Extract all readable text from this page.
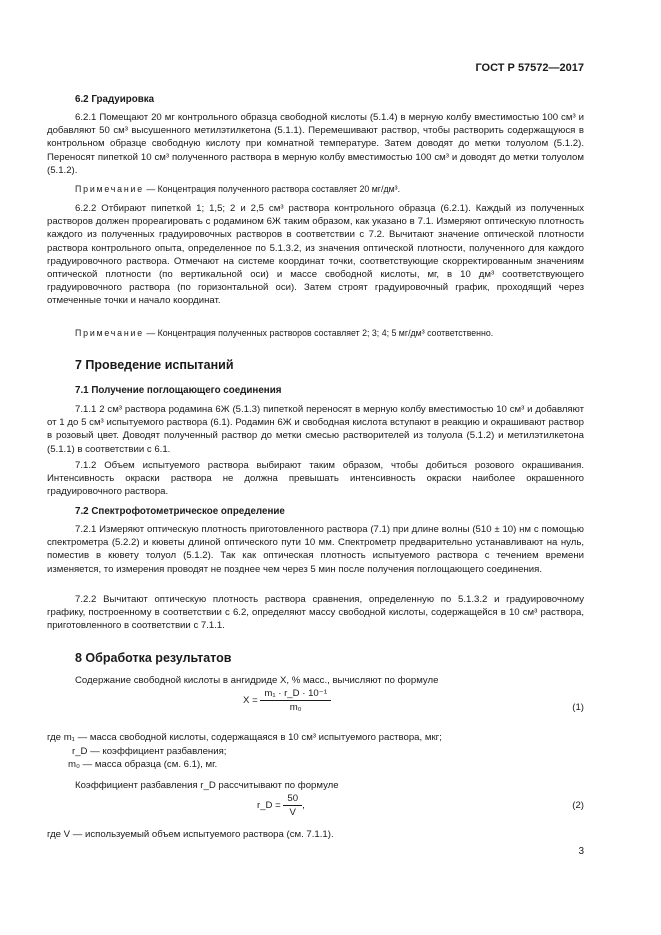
ГОСТ Р 57572—2017
6.2 Градуировка

6.2.1 Помещают 20 мг контрольного образца свободной кислоты (5.1.4) в мерную колбу вместимостью 100 см³ и добавляют 50 см³ высушенного метилэтилкетона (5.1.1). Перемешивают раствор, чтобы растворить содержащуюся в контрольном образце свободную кислоту при комнатной температуре. Затем доводят до метки толуолом (5.1.2). Переносят пипеткой 10 см³ полученного раствора в мерную колбу вместимостью 100 см³ и доводят до метки толуолом (5.1.2).

Примечание — Концентрация полученного раствора составляет 20 мг/дм³.

6.2.2 Отбирают пипеткой 1; 1,5; 2 и 2,5 см³ раствора контрольного образца (6.2.1). Каждый из полученных растворов должен прореагировать с родамином 6Ж таким образом, как указано в 7.1. Измеряют оптическую плотность каждого из полученных градуировочных растворов в соответствии с 7.2. Вычитают значение оптической плотности раствора контрольного опыта, определенное по 5.1.3.2, из значения оптической плотности, полученного для каждого градуировочного раствора. Отмечают на системе координат точки, соответствующие скорректированным значениям оптической плотности (по вертикальной оси) и массе свободной кислоты, мг, в 10 дм³ соответствующего градуировочного раствора (по горизонтальной оси). Затем строят градуировочный график, проходящий через отмеченные точки и начало координат.

Примечание — Концентрация полученных растворов составляет 2; 3; 4; 5 мг/дм³ соответственно.
7 Проведение испытаний
7.1 Получение поглощающего соединения

7.1.1 2 см³ раствора родамина 6Ж (5.1.3) пипеткой переносят в мерную колбу вместимостью 10 см³ и добавляют от 1 до 5 см³ испытуемого раствора (6.1). Родамин 6Ж и свободная кислота вступают в реакцию и окрашивают раствор в розовый цвет. Доводят полученный раствор до метки смесью растворителей из толуола (5.1.2) и метилэтилкетона (5.1.1) в соответствии с 6.1.

7.1.2 Объем испытуемого раствора выбирают таким образом, чтобы добиться розового окрашивания. Интенсивность окраски раствора не должна превышать интенсивность окраски наиболее окрашенного градуировочного раствора.

7.2 Спектрофотометрическое определение

7.2.1 Измеряют оптическую плотность приготовленного раствора (7.1) при длине волны (510 ± 10) нм с помощью спектрометра (5.2.2) и кюветы длиной оптического пути 10 мм. Спектрометр предварительно устанавливают на нуль, поместив в кювету толуол (5.1.2). Так как оптическая плотность испытуемого раствора с течением времени изменяется, то измерения проводят не позднее чем через 5 мин после получения поглощающего соединения.

7.2.2 Вычитают оптическую плотность раствора сравнения, определенную по 5.1.3.2 и градуировочному графику, построенному в соответствии с 6.2, определяют массу свободной кислоты, содержащейся в 10 см³ раствора, приготовленного в соответствии с 7.1.1.

8 Обработка результатов

Содержание свободной кислоты в ангидриде X, % масс., вычисляют по формуле

$X = \frac{\text{m₁ · r\_D · 10⁻¹}}{\text{m₀}}$	(1)
где m₁ — масса свободной кислоты, содержащаяся в 10 см³ испытуемого раствора, мкг;
r_D — коэффициент разбавления;
m₀ — масса образца (см. 6.1), мг.

Коэффициент разбавления r_D рассчитывают по формуле

r_D = $\frac{50}{V}$ ,	(2)
где V — используемый объем испытуемого раствора (см. 7.1.1).
3
